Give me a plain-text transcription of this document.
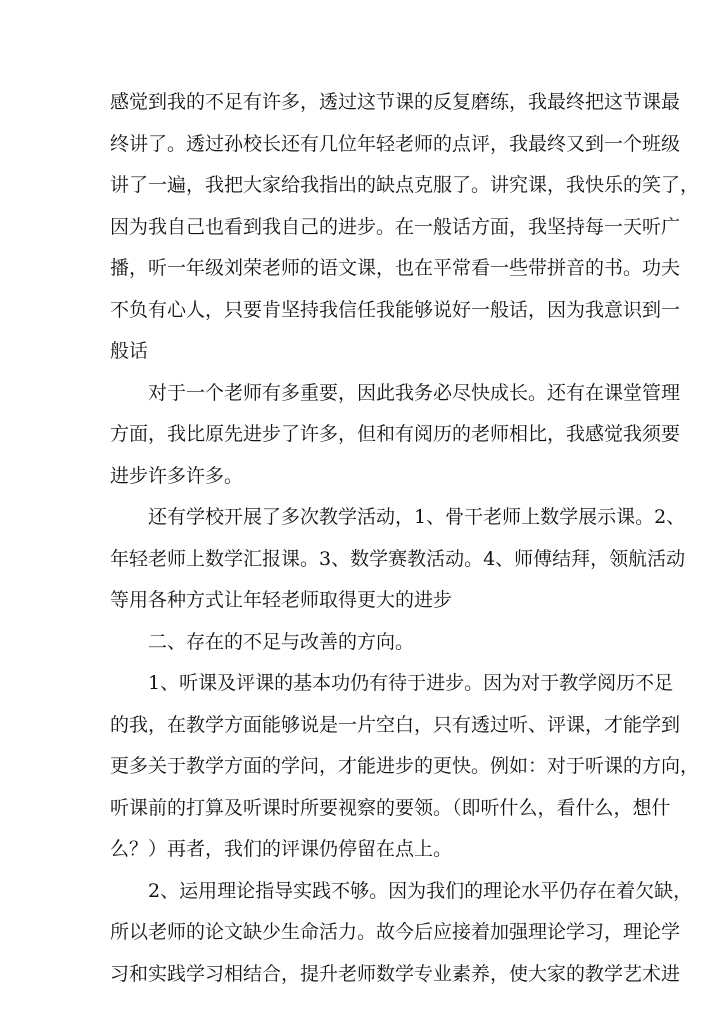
感觉到我的不足有许多，透过这节课的反复磨练，我最终把这节课最
终讲了。透过孙校长还有几位年轻老师的点评，我最终又到一个班级
讲了一遍，我把大家给我指出的缺点克服了。讲究课，我快乐的笑了，
因为我自己也看到我自己的进步。在一般话方面，我坚持每一天听广
播，听一年级刘荣老师的语文课，也在平常看一些带拼音的书。功夫
不负有心人，只要肯坚持我信任我能够说好一般话，因为我意识到一
般话
对于一个老师有多重要，因此我务必尽快成长。还有在课堂管理
方面，我比原先进步了许多，但和有阅历的老师相比，我感觉我须要
进步许多许多。
还有学校开展了多次教学活动，1、骨干老师上数学展示课。2、
年轻老师上数学汇报课。3、数学赛教活动。4、师傅结拜，领航活动
等用各种方式让年轻老师取得更大的进步
二、存在的不足与改善的方向。
1、听课及评课的基本功仍有待于进步。因为对于教学阅历不足
的我，在教学方面能够说是一片空白，只有透过听、评课，才能学到
更多关于教学方面的学问，才能进步的更快。例如：对于听课的方向，
听课前的打算及听课时所要视察的要领。（即听什么，看什么，想什
么？）再者，我们的评课仍停留在点上。
2、运用理论指导实践不够。因为我们的理论水平仍存在着欠缺，
所以老师的论文缺少生命活力。故今后应接着加强理论学习，理论学
习和实践学习相结合，提升老师数学专业素养，使大家的教学艺术进
